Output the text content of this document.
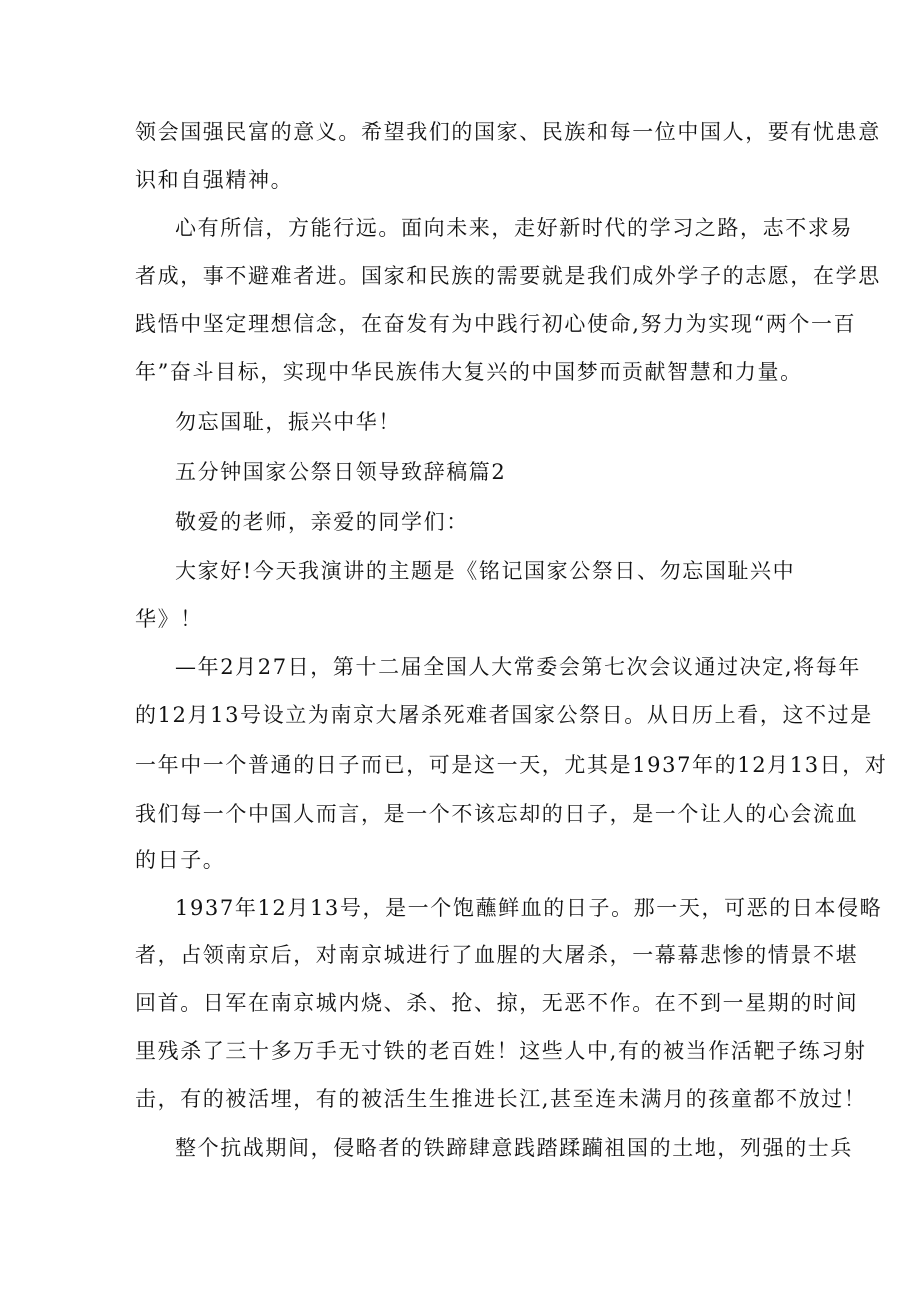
领会国强民富的意义。希望我们的国家、民族和每一位中国人，要有忧患意
识和自强精神。
心有所信，方能行远。面向未来，走好新时代的学习之路，志不求易
者成，事不避难者进。国家和民族的需要就是我们成外学子的志愿，在学思
践悟中坚定理想信念，在奋发有为中践行初心使命,努力为实现“两个一百
年”奋斗目标，实现中华民族伟大复兴的中国梦而贡献智慧和力量。
勿忘国耻，振兴中华！
五分钟国家公祭日领导致辞稿篇2
敬爱的老师，亲爱的同学们：
大家好!今天我演讲的主题是《铭记国家公祭日、勿忘国耻兴中
华》！
—年2月27日，第十二届全国人大常委会第七次会议通过决定,将每年
的12月13号设立为南京大屠杀死难者国家公祭日。从日历上看，这不过是
一年中一个普通的日子而已，可是这一天，尤其是1937年的12月13日，对
我们每一个中国人而言，是一个不该忘却的日子，是一个让人的心会流血
的日子。
1937年12月13号，是一个饱蘸鲜血的日子。那一天，可恶的日本侵略
者，占领南京后，对南京城进行了血腥的大屠杀，一幕幕悲惨的情景不堪
回首。日军在南京城内烧、杀、抢、掠，无恶不作。在不到一星期的时间
里残杀了三十多万手无寸铁的老百姓！这些人中,有的被当作活靶子练习射
击，有的被活埋，有的被活生生推进长江,甚至连未满月的孩童都不放过！
整个抗战期间，侵略者的铁蹄肆意践踏蹂躏祖国的土地，列强的士兵
